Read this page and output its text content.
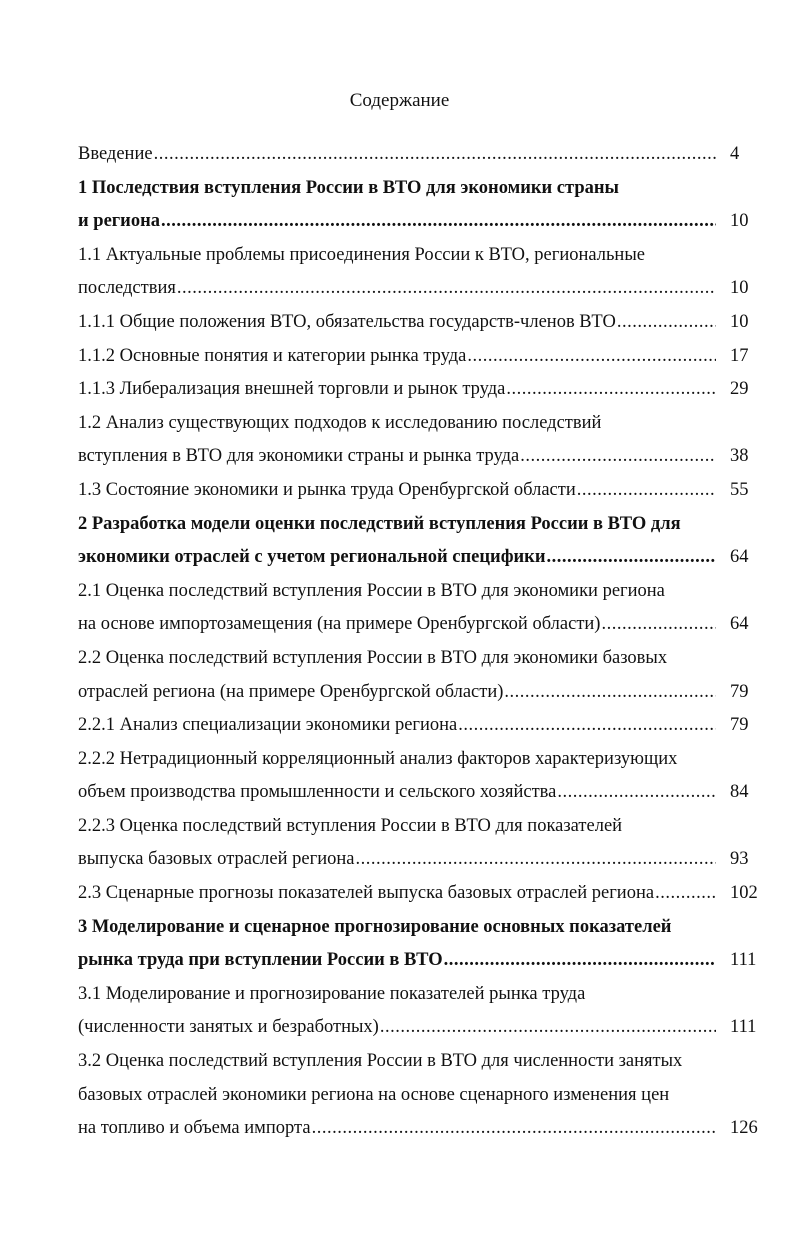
Содержание
Введение .....	4
1 Последствия вступления России в ВТО для экономики страны
и региона .....	10
1.1 Актуальные проблемы присоединения России к ВТО, региональные
последствия .....	10
1.1.1 Общие положения ВТО, обязательства государств-членов ВТО .....	10
1.1.2 Основные понятия и категории рынка труда .....	17
1.1.3 Либерализация внешней торговли и рынок труда .....	29
1.2 Анализ существующих подходов к исследованию последствий
вступления в ВТО для экономики страны и рынка труда .....	38
1.3 Состояние экономики и рынка труда Оренбургской области .....	55
2 Разработка модели оценки последствий вступления России в ВТО для
экономики отраслей с учетом региональной специфики .....	64
2.1 Оценка последствий вступления России в ВТО для экономики региона
на основе импортозамещения (на примере Оренбургской области) .....	64
2.2 Оценка последствий вступления России в ВТО для экономики базовых
отраслей региона (на примере Оренбургской области) .....	79
2.2.1 Анализ специализации экономики региона .....	79
2.2.2 Нетрадиционный корреляционный анализ факторов характеризующих
объем производства промышленности и сельского хозяйства .....	84
2.2.3 Оценка последствий вступления России в ВТО для показателей
выпуска базовых отраслей региона .....	93
2.3 Сценарные прогнозы показателей выпуска базовых отраслей региона .....	102
3 Моделирование и сценарное прогнозирование основных показателей
рынка труда при вступлении России в ВТО .....	111
3.1 Моделирование и прогнозирование показателей рынка труда
(численности занятых и безработных) .....	111
3.2 Оценка последствий вступления России в ВТО для численности занятых
базовых отраслей экономики региона на основе сценарного изменения цен
на топливо и объема импорта .....	126
